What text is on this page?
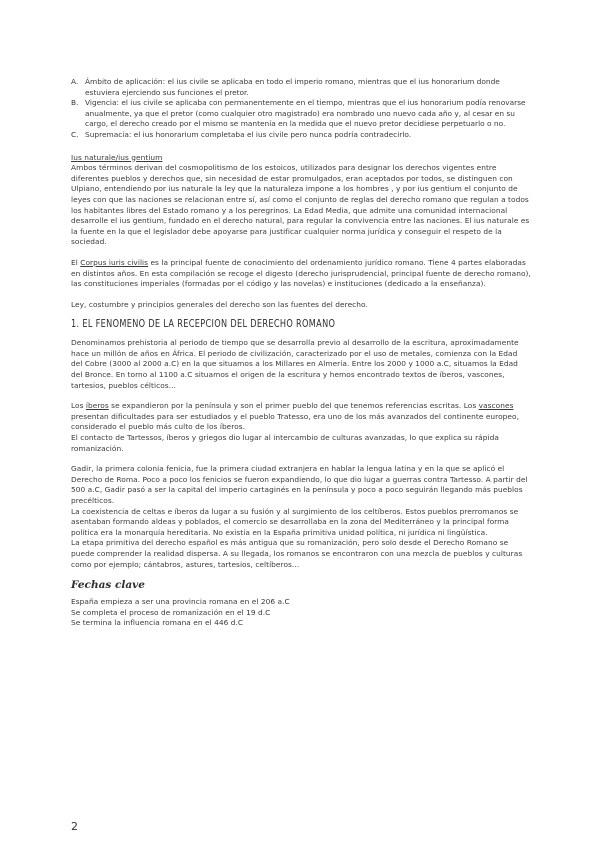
A. Ámbito de aplicación: el ius civile se aplicaba en todo el imperio romano, mientras que el ius honorarium donde estuviera ejerciendo sus funciones el pretor.
B. Vigencia: el ius civile se aplicaba con permanentemente en el tiempo, mientras que el ius honorarium podía renovarse anualmente, ya que el pretor (como cualquier otro magistrado) era nombrado uno nuevo cada año y, al cesar en su cargo, el derecho creado por el mismo se mantenía en la medida que el nuevo pretor decidiese perpetuarlo o no.
C. Supremacía: el ius honorarium completaba el ius civile pero nunca podría contradecirlo.

Ius naturale/ius gentium

Ambos términos derivan del cosmopolitismo de los estoicos, utilizados para designar los derechos vigentes entre diferentes pueblos y derechos que, sin necesidad de estar promulgados, eran aceptados por todos, se distinguen con Ulpiano, entendiendo por ius naturale la ley que la naturaleza impone a los hombres , y por ius gentium el conjunto de leyes con que las naciones se relacionan entre sí, así como el conjunto de reglas del derecho romano que regulan a todos los habitantes libres del Estado romano y a los peregrinos. La Edad Media, que admite una comunidad internacional desarrolle el ius gentium, fundado en el derecho natural, para regular la convivencia entre las naciones. El ius naturale es la fuente en la que el legislador debe apoyarse para justificar cualquier norma jurídica y conseguir el respeto de la sociedad.

El Corpus iuris civilis es la principal fuente de conocimiento del ordenamiento jurídico romano. Tiene 4 partes elaboradas en distintos años. En esta compilación se recoge el digesto (derecho jurisprudencial, principal fuente de derecho romano), las constituciones imperiales (formadas por el código y las novelas) e instituciones (dedicado a la enseñanza).

Ley, costumbre y principios generales del derecho son las fuentes del derecho.

1. EL FENOMENO DE LA RECEPCION DEL DERECHO ROMANO

Denominamos prehistoria al periodo de tiempo que se desarrolla previo al desarrollo de la escritura, aproximadamente hace un millón de años en África. El periodo de civilización, caracterizado por el uso de metales, comienza con la Edad del Cobre (3000 al 2000 a.C) en la que situamos a los Millares en Almería. Entre los 2000 y 1000 a.C, situamos la Edad del Bronce. En torno al 1100 a.C situamos el origen de la escritura y hemos encontrado textos de íberos, vascones, tartesios, pueblos célticos…

Los íberos se expandieron por la península y son el primer pueblo del que tenemos referencias escritas. Los vascones presentan dificultades para ser estudiados y el pueblo Tratesso, era uno de los más avanzados del continente europeo, considerado el pueblo más culto de los íberos.

El contacto de Tartessos, íberos y griegos dio lugar al intercambio de culturas avanzadas, lo que explica su rápida romanización.

Gadir, la primera colonia fenicia, fue la primera ciudad extranjera en hablar la lengua latina y en la que se aplicó el Derecho de Roma. Poco a poco los fenicios se fueron expandiendo, lo que dio lugar a guerras contra Tartesso. A partir del 500 a.C, Gadir pasó a ser la capital del imperio cartaginés en la península y poco a poco seguirán llegando más pueblos precélticos.

La coexistencia de celtas e íberos da lugar a su fusión y al surgimiento de los celtíberos. Estos pueblos prerromanos se asentaban formando aldeas y poblados, el comercio se desarrollaba en la zona del Mediterráneo y la principal forma política era la monarquía hereditaria. No existía en la España primitiva unidad política, ni jurídica ni lingüística.

La etapa primitiva del derecho español es más antigua que su romanización, pero solo desde el Derecho Romano se puede comprender la realidad dispersa. A su llegada, los romanos se encontraron con una mezcla de pueblos y culturas como por ejemplo; cántabros, astures, tartesios, celtíberos…

Fechas clave

España empieza a ser una provincia romana en el 206 a.C

Se completa el proceso de romanización en el 19 d.C

Se termina la influencia romana en el 446 d.C

2
